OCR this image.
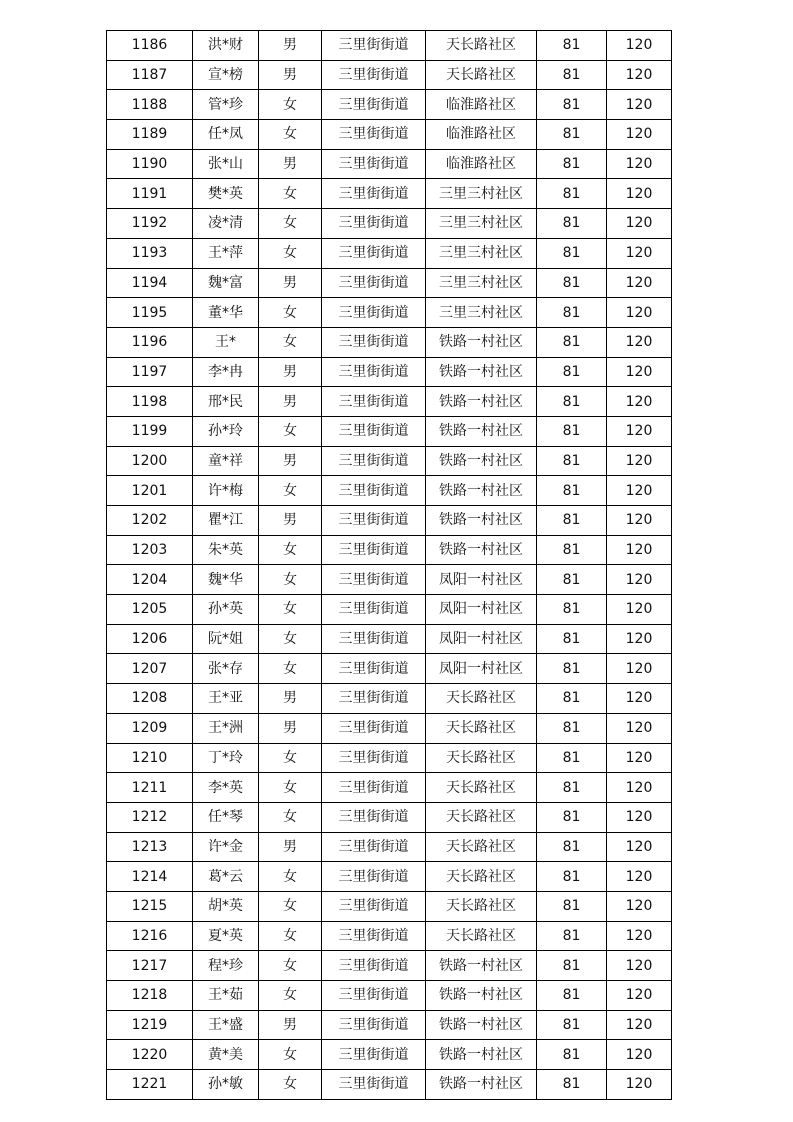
1186	洪*财	男	三里街街道	天长路社区	81	120
1187	宣*榜	男	三里街街道	天长路社区	81	120
1188	管*珍	女	三里街街道	临淮路社区	81	120
1189	任*凤	女	三里街街道	临淮路社区	81	120
1190	张*山	男	三里街街道	临淮路社区	81	120
1191	樊*英	女	三里街街道	三里三村社区	81	120
1192	凌*清	女	三里街街道	三里三村社区	81	120
1193	王*萍	女	三里街街道	三里三村社区	81	120
1194	魏*富	男	三里街街道	三里三村社区	81	120
1195	董*华	女	三里街街道	三里三村社区	81	120
1196	王*	女	三里街街道	铁路一村社区	81	120
1197	李*冉	男	三里街街道	铁路一村社区	81	120
1198	邢*民	男	三里街街道	铁路一村社区	81	120
1199	孙*玲	女	三里街街道	铁路一村社区	81	120
1200	童*祥	男	三里街街道	铁路一村社区	81	120
1201	许*梅	女	三里街街道	铁路一村社区	81	120
1202	瞿*江	男	三里街街道	铁路一村社区	81	120
1203	朱*英	女	三里街街道	铁路一村社区	81	120
1204	魏*华	女	三里街街道	凤阳一村社区	81	120
1205	孙*英	女	三里街街道	凤阳一村社区	81	120
1206	阮*姐	女	三里街街道	凤阳一村社区	81	120
1207	张*存	女	三里街街道	凤阳一村社区	81	120
1208	王*亚	男	三里街街道	天长路社区	81	120
1209	王*洲	男	三里街街道	天长路社区	81	120
1210	丁*玲	女	三里街街道	天长路社区	81	120
1211	李*英	女	三里街街道	天长路社区	81	120
1212	任*琴	女	三里街街道	天长路社区	81	120
1213	许*金	男	三里街街道	天长路社区	81	120
1214	葛*云	女	三里街街道	天长路社区	81	120
1215	胡*英	女	三里街街道	天长路社区	81	120
1216	夏*英	女	三里街街道	天长路社区	81	120
1217	程*珍	女	三里街街道	铁路一村社区	81	120
1218	王*茹	女	三里街街道	铁路一村社区	81	120
1219	王*盛	男	三里街街道	铁路一村社区	81	120
1220	黄*美	女	三里街街道	铁路一村社区	81	120
1221	孙*敏	女	三里街街道	铁路一村社区	81	120
